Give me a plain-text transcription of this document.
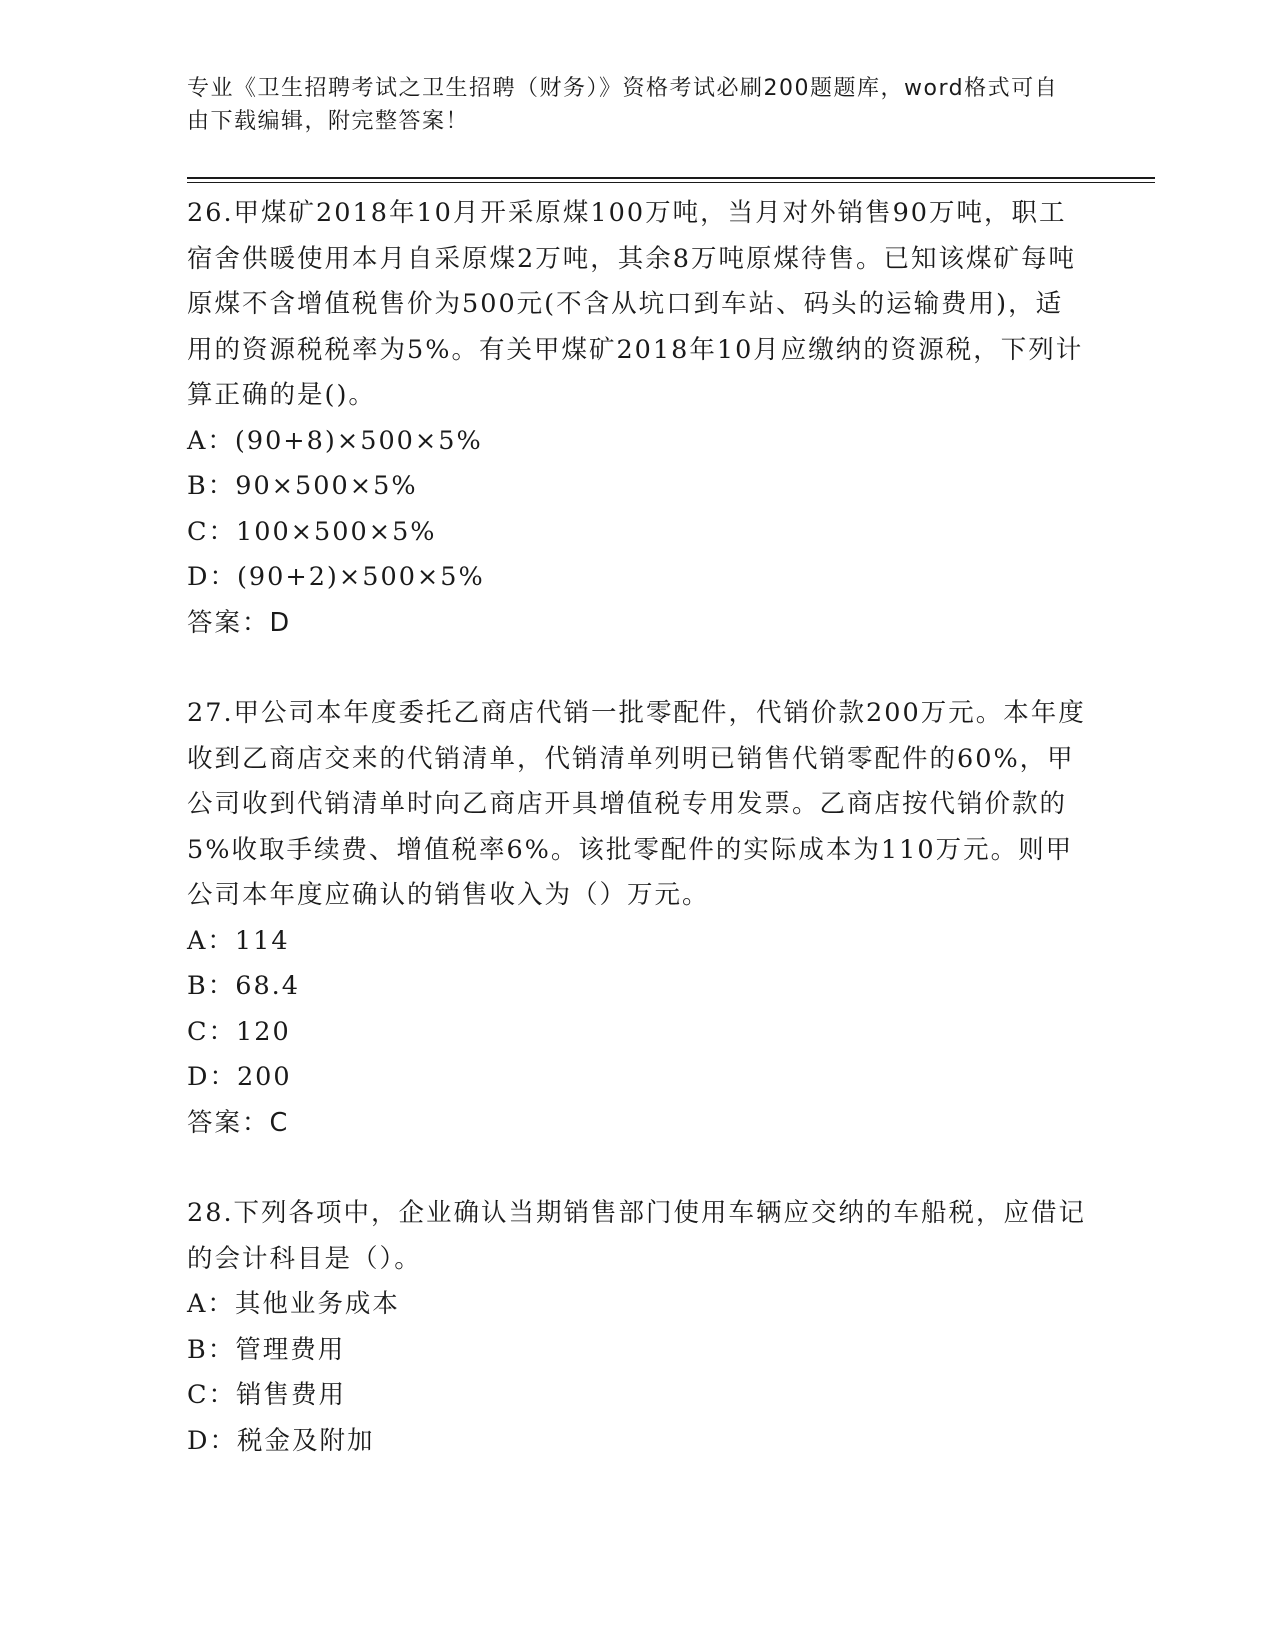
专业《卫生招聘考试之卫生招聘（财务）》资格考试必刷200题题库，word格式可自由下载编辑，附完整答案！

26.甲煤矿2018年10月开采原煤100万吨，当月对外销售90万吨，职工宿舍供暖使用本月自采原煤2万吨，其余8万吨原煤待售。已知该煤矿每吨原煤不含增值税售价为500元(不含从坑口到车站、码头的运输费用)，适用的资源税税率为5%。有关甲煤矿2018年10月应缴纳的资源税，下列计算正确的是()。

A：(90+8)×500×5%

B：90×500×5%

C：100×500×5%

D：(90+2)×500×5%

答案：D

27.甲公司本年度委托乙商店代销一批零配件，代销价款200万元。本年度收到乙商店交来的代销清单，代销清单列明已销售代销零配件的60%，甲公司收到代销清单时向乙商店开具增值税专用发票。乙商店按代销价款的5%收取手续费、增值税率6%。该批零配件的实际成本为110万元。则甲公司本年度应确认的销售收入为（）万元。

A：114

B：68.4

C：120

D：200

答案：C

28.下列各项中，企业确认当期销售部门使用车辆应交纳的车船税，应借记的会计科目是（）。

A：其他业务成本

B：管理费用

C：销售费用

D：税金及附加
